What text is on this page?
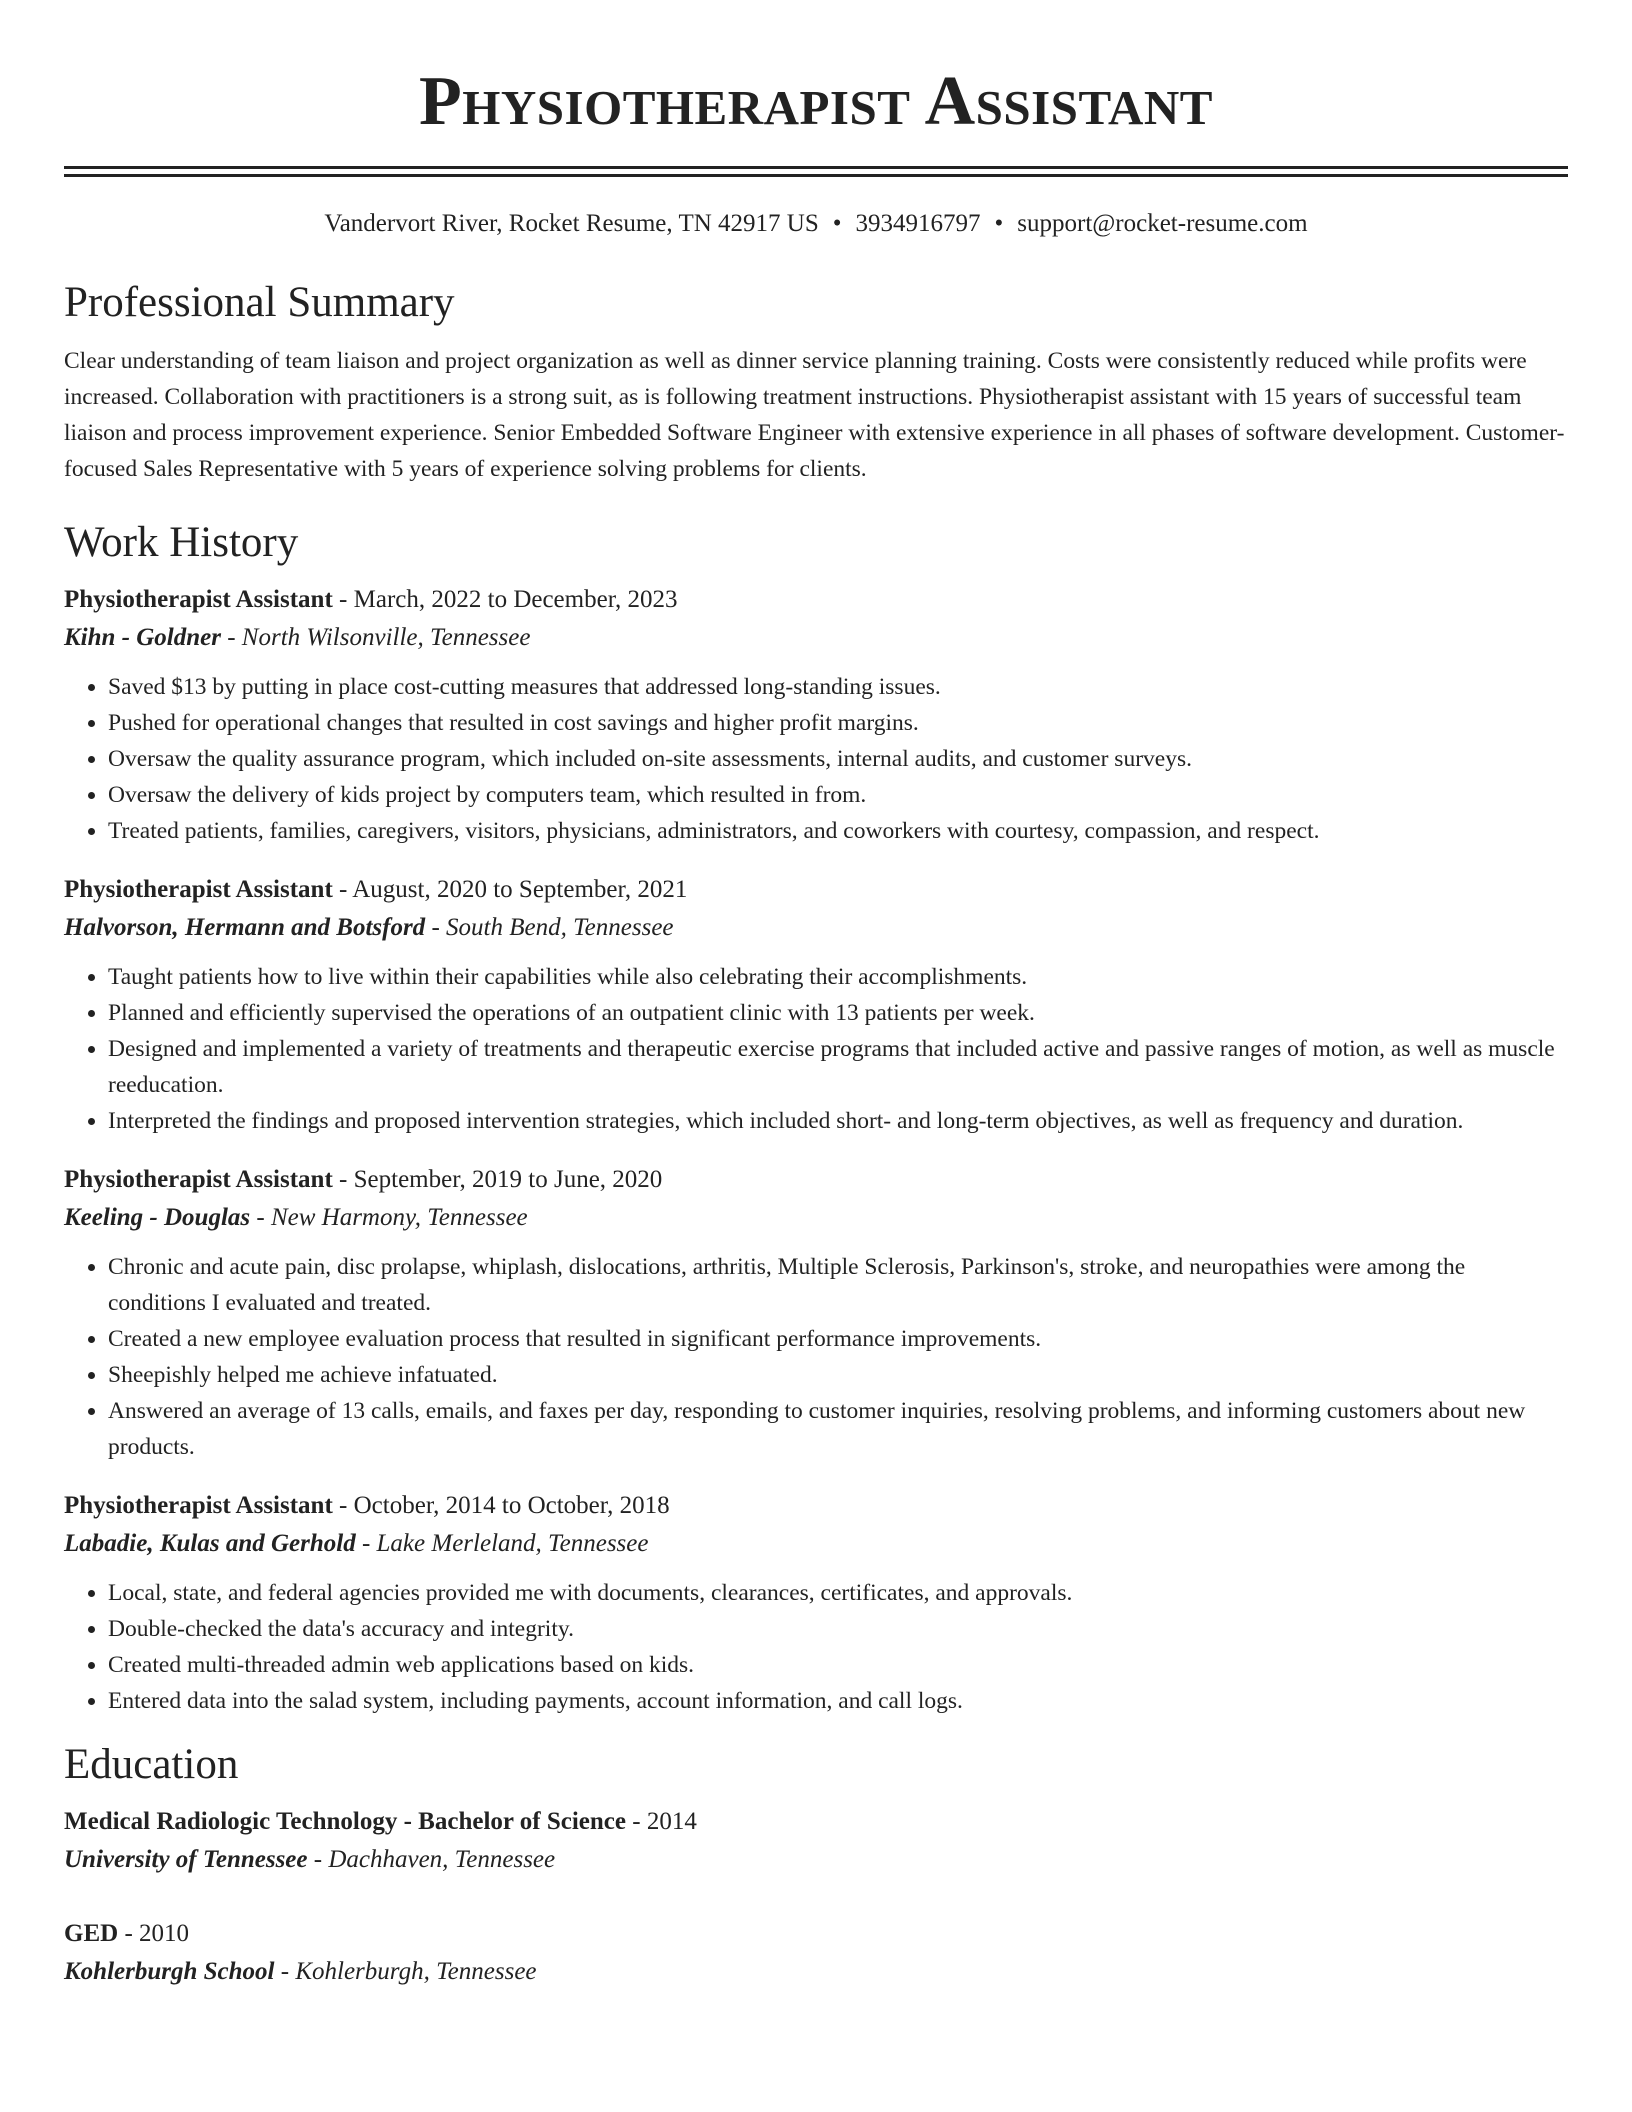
Physiotherapist Assistant
Vandervort River, Rocket Resume, TN 42917 US • 3934916797 • support@rocket-resume.com
Professional Summary
Clear understanding of team liaison and project organization as well as dinner service planning training. Costs were consistently reduced while profits were increased. Collaboration with practitioners is a strong suit, as is following treatment instructions. Physiotherapist assistant with 15 years of successful team liaison and process improvement experience. Senior Embedded Software Engineer with extensive experience in all phases of software development. Customer-focused Sales Representative with 5 years of experience solving problems for clients.
Work History
Physiotherapist Assistant - March, 2022 to December, 2023
Kihn - Goldner - North Wilsonville, Tennessee
• Saved $13 by putting in place cost-cutting measures that addressed long-standing issues.
• Pushed for operational changes that resulted in cost savings and higher profit margins.
• Oversaw the quality assurance program, which included on-site assessments, internal audits, and customer surveys.
• Oversaw the delivery of kids project by computers team, which resulted in from.
• Treated patients, families, caregivers, visitors, physicians, administrators, and coworkers with courtesy, compassion, and respect.
Physiotherapist Assistant - August, 2020 to September, 2021
Halvorson, Hermann and Botsford - South Bend, Tennessee
• Taught patients how to live within their capabilities while also celebrating their accomplishments.
• Planned and efficiently supervised the operations of an outpatient clinic with 13 patients per week.
• Designed and implemented a variety of treatments and therapeutic exercise programs that included active and passive ranges of motion, as well as muscle reeducation.
• Interpreted the findings and proposed intervention strategies, which included short- and long-term objectives, as well as frequency and duration.
Physiotherapist Assistant - September, 2019 to June, 2020
Keeling - Douglas - New Harmony, Tennessee
• Chronic and acute pain, disc prolapse, whiplash, dislocations, arthritis, Multiple Sclerosis, Parkinson's, stroke, and neuropathies were among the conditions I evaluated and treated.
• Created a new employee evaluation process that resulted in significant performance improvements.
• Sheepishly helped me achieve infatuated.
• Answered an average of 13 calls, emails, and faxes per day, responding to customer inquiries, resolving problems, and informing customers about new products.
Physiotherapist Assistant - October, 2014 to October, 2018
Labadie, Kulas and Gerhold - Lake Merleland, Tennessee
• Local, state, and federal agencies provided me with documents, clearances, certificates, and approvals.
• Double-checked the data's accuracy and integrity.
• Created multi-threaded admin web applications based on kids.
• Entered data into the salad system, including payments, account information, and call logs.
Education
Medical Radiologic Technology - Bachelor of Science - 2014
University of Tennessee - Dachhaven, Tennessee
GED - 2010
Kohlerburgh School - Kohlerburgh, Tennessee
